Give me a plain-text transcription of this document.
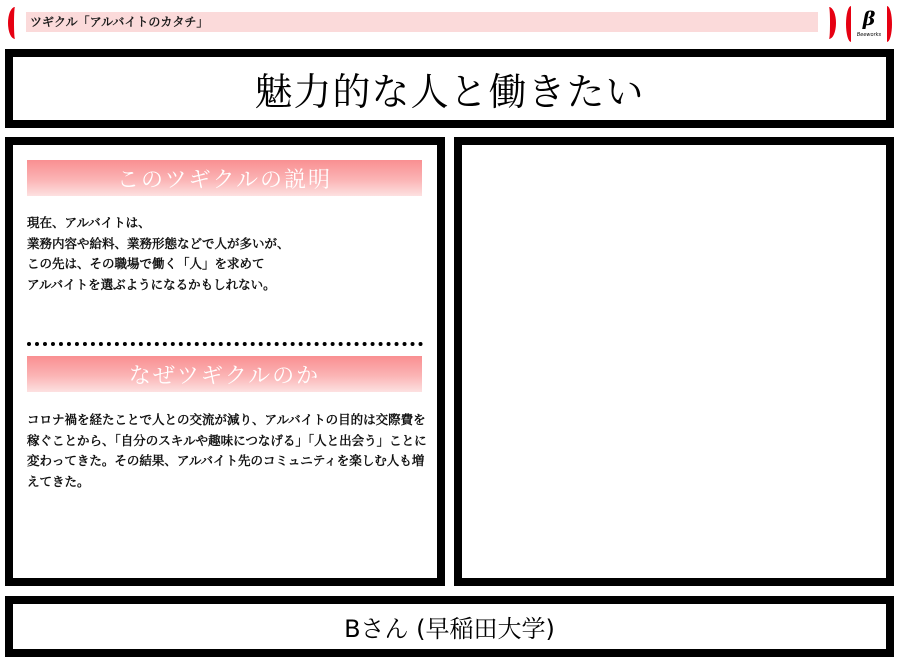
ツギクル「アルバイトのカタチ」	β
Beeworks
魅力的な人と働きたい
このツギクルの説明
現在、アルバイトは、
業務内容や給料、業務形態などで人が多いが、
この先は、その職場で働く「人」を求めて
アルバイトを選ぶようになるかもしれない。
なぜツギクルのか
コロナ禍を経たことで人との交流が減り、アルバイトの目的は交際費を稼ぐことから、「自分のスキルや趣味につなげる」「人と出会う」ことに変わってきた。その結果、アルバイト先のコミュニティを楽しむ人も増えてきた。
Bさん (早稲田大学)
